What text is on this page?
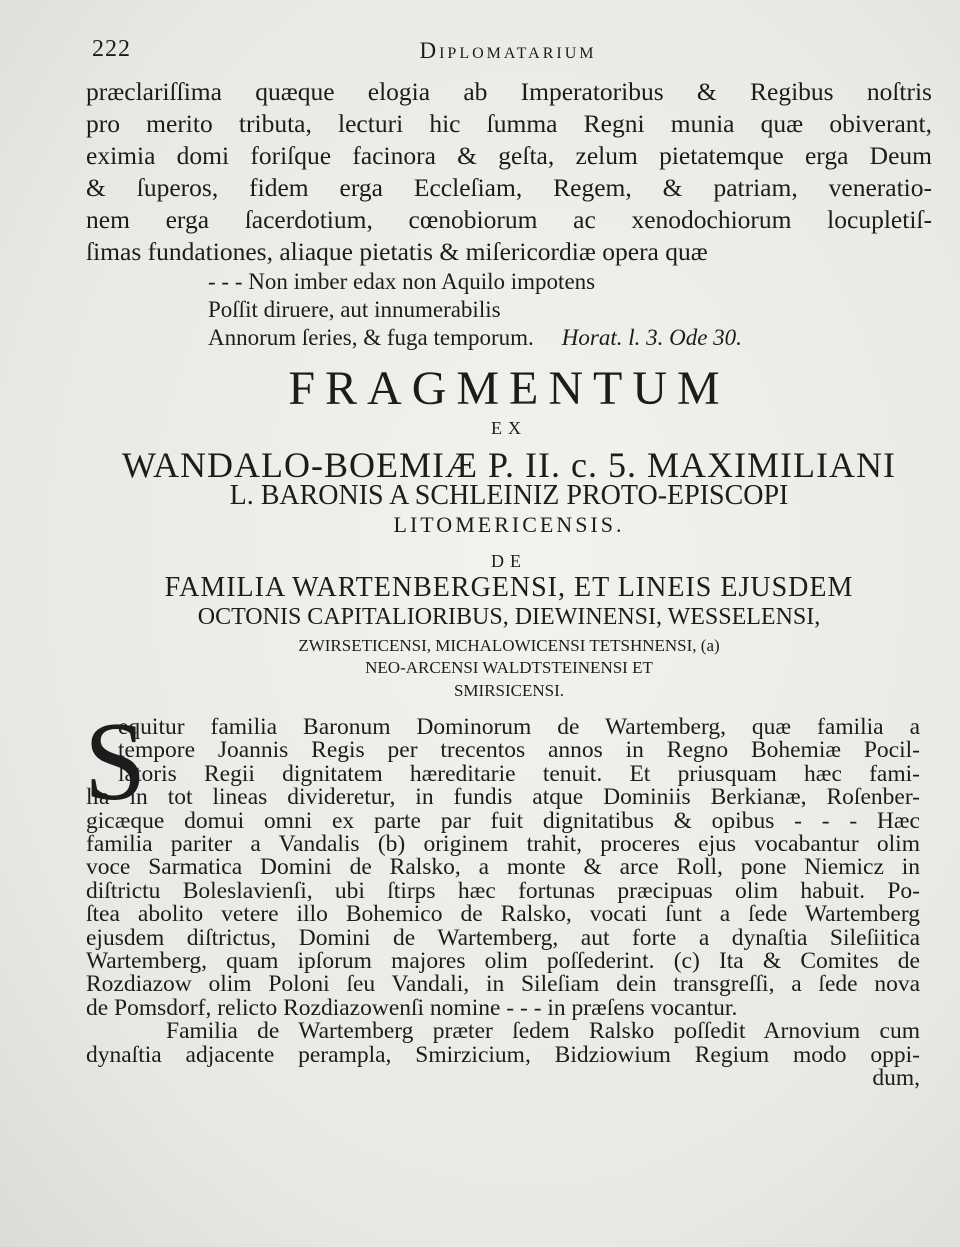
222	Diplomatarium
præclariſſima quæque elogia ab Imperatoribus & Regibus noſtris
pro merito tributa, lecturi hic ſumma Regni munia quæ obiverant,
eximia domi foriſque facinora & geſta, zelum pietatemque erga Deum
& ſuperos, fidem erga Eccleſiam, Regem, & patriam, veneratio-
nem erga ſacerdotium, cœnobiorum ac xenodochiorum locupletiſ-
ſimas fundationes, aliaque pietatis & miſericordiæ opera quæ
- - - Non imber edax non Aquilo impotens
Poſſit diruere, aut innumerabilis
Annorum ſeries, & fuga temporum. Horat. l. 3. Ode 30.
FRAGMENTUM
EX
WANDALO-BOEMIÆ P. II. c. 5. MAXIMILIANI
L. BARONIS A SCHLEINIZ PROTO-EPISCOPI
LITOMERICENSIS.
DE
FAMILIA WARTENBERGENSI, ET LINEIS EJUSDEM
OCTONIS CAPITALIORIBUS, DIEWINENSI, WESSELENSI,
ZWIRSETICENSI, MICHALOWICENSI TETSHNENSI, (a)
NEO-ARCENSI WALDTSTEINENSI ET
SMIRSICENSI.
S
equitur familia Baronum Dominorum de Wartemberg, quæ familia a
tempore Joannis Regis per trecentos annos in Regno Bohemiæ Pocil-
latoris Regii dignitatem hæreditarie tenuit. Et priusquam hæc fami-
lia in tot lineas divideretur, in fundis atque Dominiis Berkianæ, Roſenber-
gicæque domui omni ex parte par fuit dignitatibus & opibus - - - Hæc
familia pariter a Vandalis (b) originem trahit, proceres ejus vocabantur olim
voce Sarmatica Domini de Ralsko, a monte & arce Roll, pone Niemicz in
diſtrictu Boleslavienſi, ubi ſtirps hæc fortunas præcipuas olim habuit. Po-
ſtea abolito vetere illo Bohemico de Ralsko, vocati ſunt a ſede Wartemberg
ejusdem diſtrictus, Domini de Wartemberg, aut forte a dynaſtia Sileſiitica
Wartemberg, quam ipſorum majores olim poſſederint. (c) Ita & Comites de
Rozdiazow olim Poloni ſeu Vandali, in Sileſiam dein transgreſſi, a ſede nova
de Pomsdorf, relicto Rozdiazowenſi nomine - - - in præſens vocantur.
Familia de Wartemberg præter ſedem Ralsko poſſedit Arnovium cum
dynaſtia adjacente perampla, Smirzicium, Bidziowium Regium modo oppi-
dum,
